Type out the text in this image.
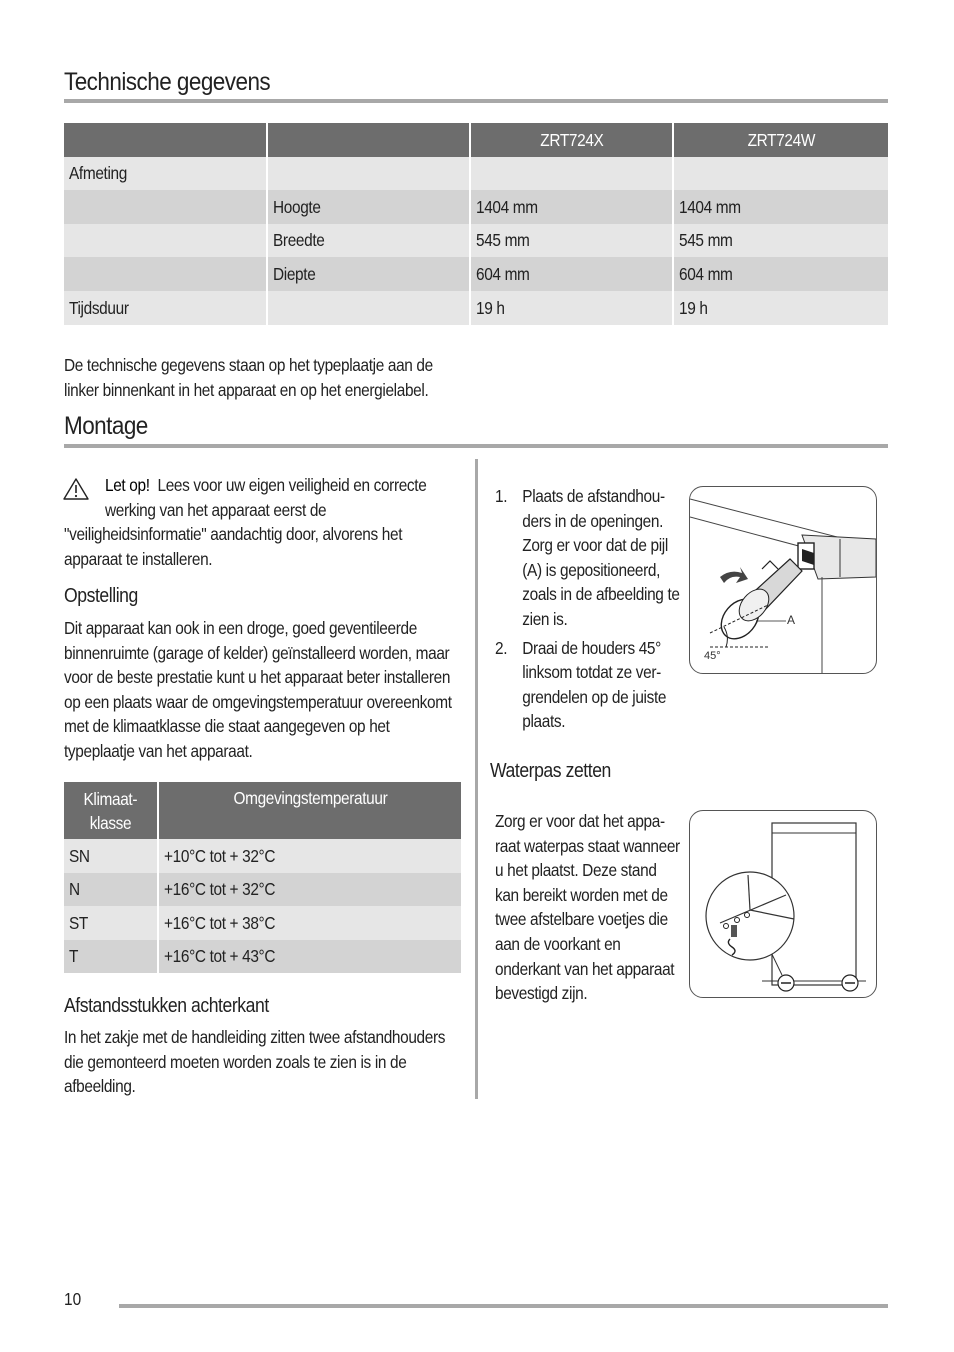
Technische gegevens
		ZRT724X	ZRT724W
Afmeting			
	Hoogte	1404 mm	1404 mm
	Breedte	545 mm	545 mm
	Diepte	604 mm	604 mm
Tijdsduur		19 h	19 h
De technische gegevens staan op het typeplaatje aan de linker binnenkant in het apparaat en op het energielabel.
Montage
Let op! Lees voor uw eigen veiligheid en correcte werking van het apparaat eerst de
"veiligheidsinformatie" aandachtig door, alvorens het apparaat te installeren.
Opstelling
Dit apparaat kan ook in een droge, goed geventileerde binnenruimte (garage of kelder) geïnstalleerd worden, maar voor de beste prestatie kunt u het apparaat beter installeren op een plaats waar de omgevingstemperatuur overeenkomt met de klimaatklasse die staat aangegeven op het typeplaatje van het apparaat.
Klimaatklasse	Omgevingstemperatuur
SN	+10°C tot + 32°C
N	+16°C tot + 32°C
ST	+16°C tot + 38°C
T	+16°C tot + 43°C
Afstandsstukken achterkant
In het zakje met de handleiding zitten twee afstandhouders die gemonteerd moeten worden zoals te zien is in de afbeelding.
1. Plaats de afstandhouders in de openingen. Zorg er voor dat de pijl (A) is gepositioneerd, zoals in de afbeelding te zien is.
2. Draai de houders 45° linksom totdat ze vergrendelen op de juiste plaats.
A
45°
Waterpas zetten
Zorg er voor dat het apparaat waterpas staat wanneer u het plaatst. Deze stand kan bereikt worden met de twee afstelbare voetjes die aan de voorkant en onderkant van het apparaat bevestigd zijn.
10
